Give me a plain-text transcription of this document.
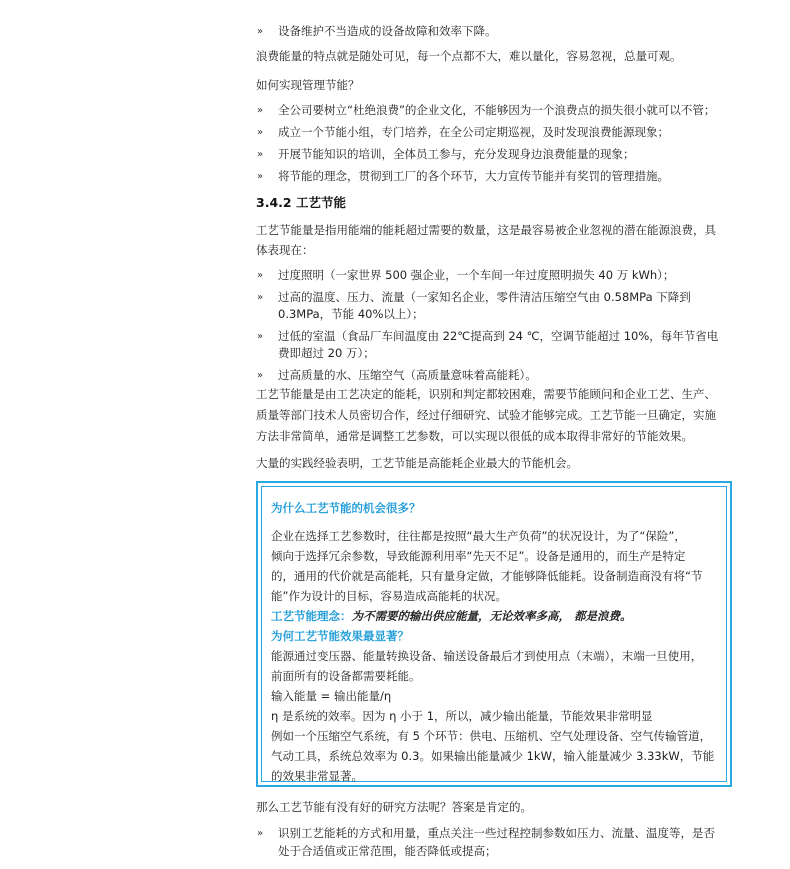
» 设备维护不当造成的设备故障和效率下降。

浪费能量的特点就是随处可见，每一个点都不大，难以量化，容易忽视，总量可观。

如何实现管理节能？

» 全公司要树立“杜绝浪费”的企业文化，不能够因为一个浪费点的损失很小就可以不管；
» 成立一个节能小组，专门培养，在全公司定期巡视，及时发现浪费能源现象；
» 开展节能知识的培训，全体员工参与，充分发现身边浪费能量的现象；
» 将节能的理念，贯彻到工厂的各个环节，大力宣传节能并有奖罚的管理措施。
3.4.2 工艺节能

工艺节能量是指用能端的能耗超过需要的数量，这是最容易被企业忽视的潜在能源浪费，具

体表现在：

» 过度照明（一家世界 500 强企业，一个车间一年过度照明损失 40 万 kWh）；
» 过高的温度、压力、流量（一家知名企业，零件清洁压缩空气由 0.58MPa 下降到
0.3MPa，节能 40%以上）；
» 过低的室温（食品厂车间温度由 22℃提高到 24 ℃，空调节能超过 10%，每年节省电
费即超过 20 万）；
» 过高质量的水、压缩空气（高质量意味着高能耗）。

工艺节能量是由工艺决定的能耗，识别和判定都较困难，需要节能顾问和企业工艺、生产、

质量等部门技术人员密切合作，经过仔细研究、试验才能够完成。工艺节能一旦确定，实施

方法非常简单，通常是调整工艺参数，可以实现以很低的成本取得非常好的节能效果。

大量的实践经验表明，工艺节能是高能耗企业最大的节能机会。

那么工艺节能有没有好的研究方法呢？答案是肯定的。

» 识别工艺能耗的方式和用量，重点关注一些过程控制参数如压力、流量、温度等，是否
处于合适值或正常范围，能否降低或提高；

为什么工艺节能的机会很多？

企业在选择工艺参数时，往往都是按照“最大生产负荷”的状况设计，为了“保险”，

倾向于选择冗余参数，导致能源利用率“先天不足”。设备是通用的，而生产是特定

的，通用的代价就是高能耗，只有量身定做，才能够降低能耗。设备制造商没有将“节

能”作为设计的目标，容易造成高能耗的状况。

工艺节能理念：为不需要的输出供应能量，无论效率多高， 都是浪费。

为何工艺节能效果最显著？

能源通过变压器、能量转换设备、输送设备最后才到使用点（末端），末端一旦使用，

前面所有的设备都需要耗能。

输入能量 = 输出能量/η

η 是系统的效率。因为 η 小于 1，所以，减少输出能量，节能效果非常明显

例如一个压缩空气系统，有 5 个环节：供电、压缩机、空气处理设备、空气传输管道，

气动工具，系统总效率为 0.3。如果输出能量减少 1kW，输入能量减少 3.33kW，节能

的效果非常显著。
